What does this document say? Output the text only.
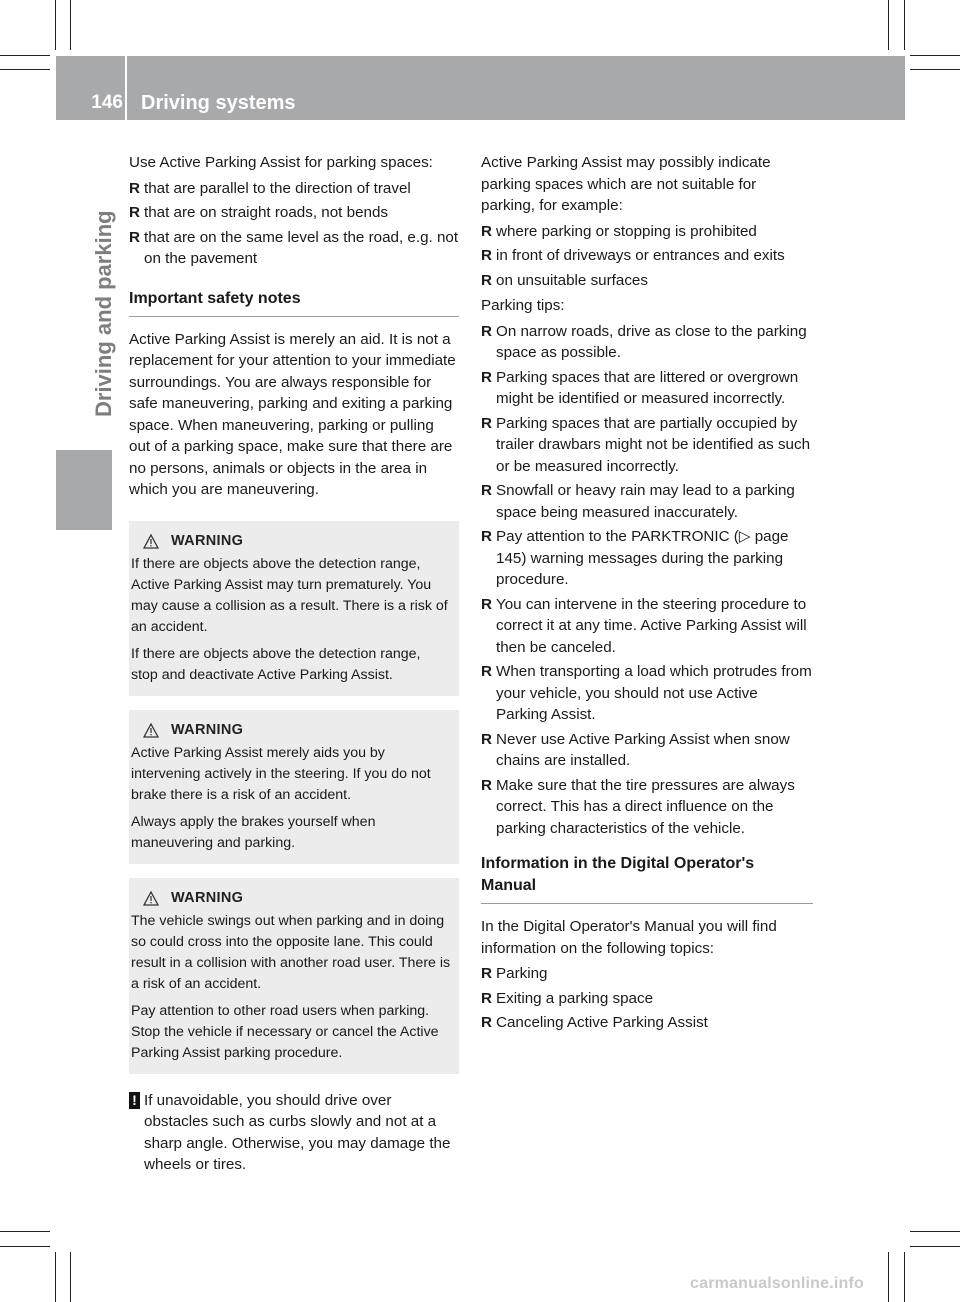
146 Driving systems
Driving and parking

Use Active Parking Assist for parking spaces:

R that are parallel to the direction of travel
R that are on straight roads, not bends
R that are on the same level as the road, e.g. not on the pavement
Important safety notes

Active Parking Assist is merely an aid. It is not a replacement for your attention to your immediate surroundings. You are always responsible for safe maneuvering, parking and exiting a parking space. When maneuvering, parking or pulling out of a parking space, make sure that there are no persons, animals or objects in the area in which you are maneuvering.

WARNING

If there are objects above the detection range, Active Parking Assist may turn prematurely. You may cause a collision as a result. There is a risk of an accident.

If there are objects above the detection range, stop and deactivate Active Parking Assist.

WARNING

Active Parking Assist merely aids you by intervening actively in the steering. If you do not brake there is a risk of an accident.

Always apply the brakes yourself when maneuvering and parking.

WARNING

The vehicle swings out when parking and in doing so could cross into the opposite lane. This could result in a collision with another road user. There is a risk of an accident.

Pay attention to other road users when parking. Stop the vehicle if necessary or cancel the Active Parking Assist parking procedure.

! If unavoidable, you should drive over obstacles such as curbs slowly and not at a sharp angle. Otherwise, you may damage the wheels or tires.

Active Parking Assist may possibly indicate parking spaces which are not suitable for parking, for example:

R where parking or stopping is prohibited
R in front of driveways or entrances and exits
R on unsuitable surfaces

Parking tips:

R On narrow roads, drive as close to the parking space as possible.
R Parking spaces that are littered or overgrown might be identified or measured incorrectly.
R Parking spaces that are partially occupied by trailer drawbars might not be identified as such or be measured incorrectly.
R Snowfall or heavy rain may lead to a parking space being measured inaccurately.
R Pay attention to the PARKTRONIC (▷ page 145) warning messages during the parking procedure.
R You can intervene in the steering procedure to correct it at any time. Active Parking Assist will then be canceled.
R When transporting a load which protrudes from your vehicle, you should not use Active Parking Assist.
R Never use Active Parking Assist when snow chains are installed.
R Make sure that the tire pressures are always correct. This has a direct influence on the parking characteristics of the vehicle.
Information in the Digital Operator's Manual

In the Digital Operator's Manual you will find information on the following topics:

R Parking
R Exiting a parking space
R Canceling Active Parking Assist
carmanualsonline.info
